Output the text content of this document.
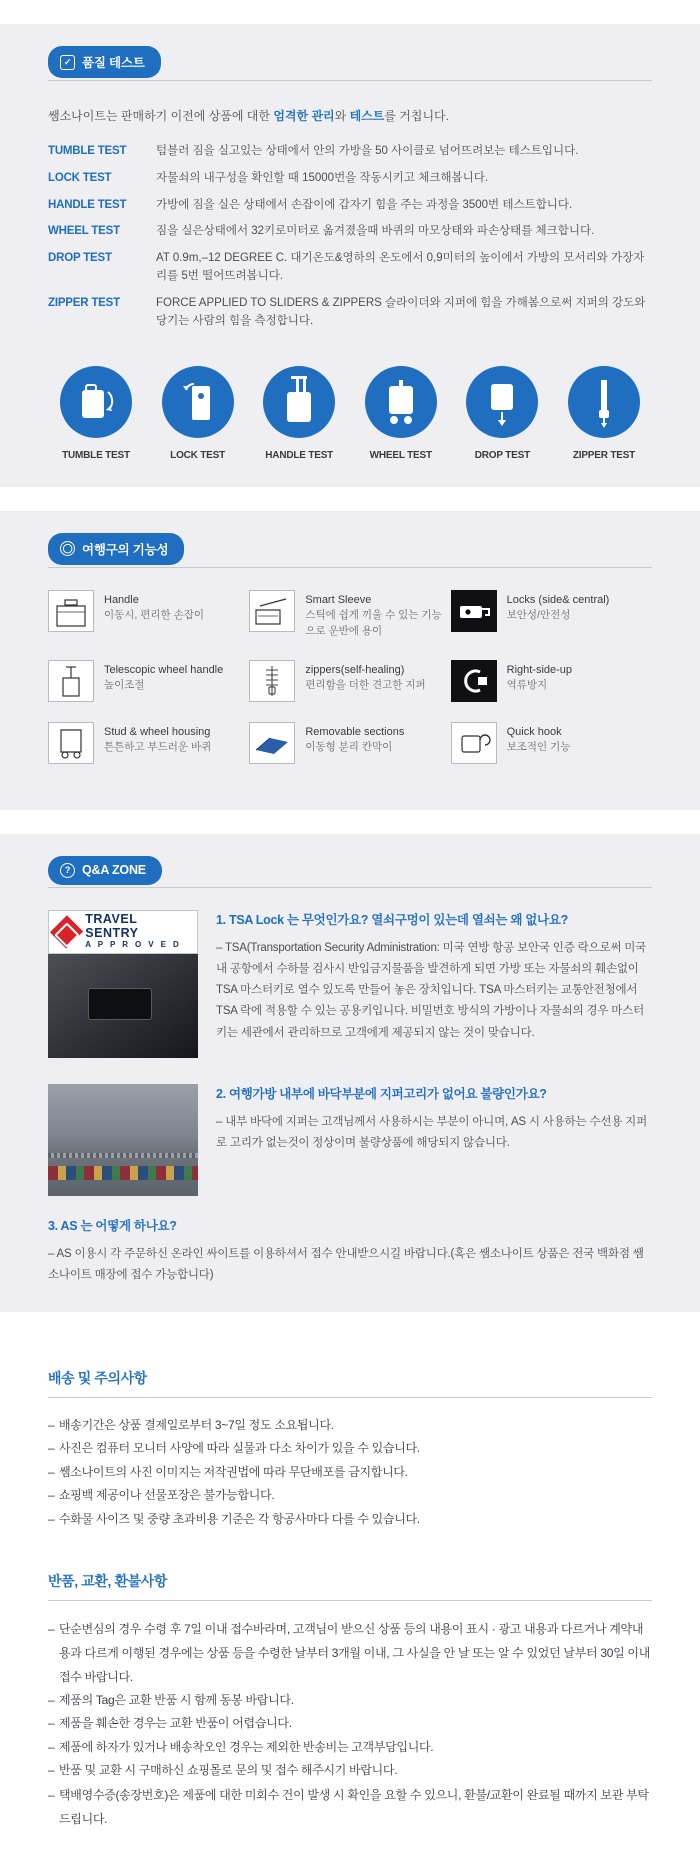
✓ 품질 테스트
쌤소나이트는 판매하기 이전에 상품에 대한 엄격한 관리와 테스트를 거칩니다.
TUMBLE TEST	텀블러 짐을 실고있는 상태에서 안의 가방을 50 사이클로 넘어뜨려보는 테스트입니다.
LOCK TEST	자물쇠의 내구성을 확인할 때 15000번을 작동시키고 체크해봅니다.
HANDLE TEST	가방에 짐을 실은 상태에서 손잡이에 갑자기 힘을 주는 과정을 3500번 테스트합니다.
WHEEL TEST	짐을 실은상태에서 32키로미터로 옮겨졌을때 바퀴의 마모상태와 파손상태를 체크합니다.
DROP TEST	AT 0.9m,–12 DEGREE C. 대기온도&영하의 온도에서 0,9미터의 높이에서 가방의 모서리와 가장자리를 5번 떨어뜨려봅니다.
ZIPPER TEST	FORCE APPLIED TO SLIDERS & ZIPPERS 슬라이더와 지퍼에 힘을 가해봄으로써 지퍼의 강도와 당기는 사람의 힘을 측정합니다.
TUMBLE TEST	LOCK TEST	HANDLE TEST	WHEEL TEST	DROP TEST	ZIPPER TEST
◯ 여행구의 기능성
Handle
이동시, 편리한 손잡이
Smart Sleeve
스틱에 쉽게 끼울 수 있는 기능으로 운반에 용이
Locks (side& central)
보안성/안전성
Telescopic wheel handle
높이조절
zippers(self-healing)
편리함을 더한 견고한 지퍼
Right-side-up
역류방지
Stud & wheel housing
튼튼하고 부드러운 바퀴
Removable sections
이동형 분리 칸막이
Quick hook
보조적인 기능
? Q&A ZONE
TRAVEL SENTRY
A P P R O V E D
1. TSA Lock 는 무엇인가요? 열쇠구멍이 있는데 열쇠는 왜 없나요?
– TSA(Transportation Security Administration: 미국 연방 항공 보안국 인증 락으로써 미국 내 공항에서 수하물 검사시 반입금지물품을 발견하게 되면 가방 또는 자물쇠의 훼손없이 TSA 마스터키로 열수 있도록 만들어 놓은 장치입니다. TSA 마스터키는 교통안전청에서 TSA 락에 적용할 수 있는 공용키입니다. 비밀번호 방식의 가방이나 자물쇠의 경우 마스터키는 세관에서 관리하므로 고객에게 제공되지 않는 것이 맞습니다.
2. 여행가방 내부에 바닥부분에 지퍼고리가 없어요 불량인가요?
– 내부 바닥에 지퍼는 고객님께서 사용하시는 부분이 아니며, AS 시 사용하는 수선용 지퍼로 고리가 없는것이 정상이며 불량상품에 해당되지 않습니다.
3. AS 는 어떻게 하나요?
– AS 이용시 각 주문하신 온라인 싸이트를 이용하셔서 접수 안내받으시길 바랍니다.(혹은 쌤소나이트 상품은 전국 백화점 쌤소나이트 매장에 접수 가능합니다)
배송 및 주의사항
– 배송기간은 상품 결제일로부터 3~7일 정도 소요됩니다.
– 사진은 컴퓨터 모니터 사양에 따라 실물과 다소 차이가 있을 수 있습니다.
– 쌤소나이트의 사진 이미지는 저작권법에 따라 무단배포를 금지합니다.
– 쇼핑백 제공이나 선물포장은 불가능합니다.
– 수화물 사이즈 및 중량 초과비용 기준은 각 항공사마다 다를 수 있습니다.
반품, 교환, 환불사항
– 단순변심의 경우 수령 후 7일 이내 접수바라며, 고객님이 받으신 상품 등의 내용이 표시 · 광고 내용과 다르거나 계약내용과 다르게 이행된 경우에는 상품 등을 수령한 날부터 3개월 이내, 그 사실을 안 날 또는 알 수 있었던 날부터 30일 이내 접수 바랍니다.
– 제품의 Tag은 교환 반품 시 함께 동봉 바랍니다.
– 제품을 훼손한 경우는 교환 반품이 어렵습니다.
– 제품에 하자가 있거나 배송착오인 경우는 제외한 반송비는 고객부담입니다.
– 반품 및 교환 시 구매하신 쇼핑몰로 문의 및 접수 해주시기 바랍니다.
– 택배영수증(송장번호)은 제품에 대한 미회수 건이 발생 시 확인을 요할 수 있으니, 환불/교환이 완료될 때까지 보관 부탁드립니다.
